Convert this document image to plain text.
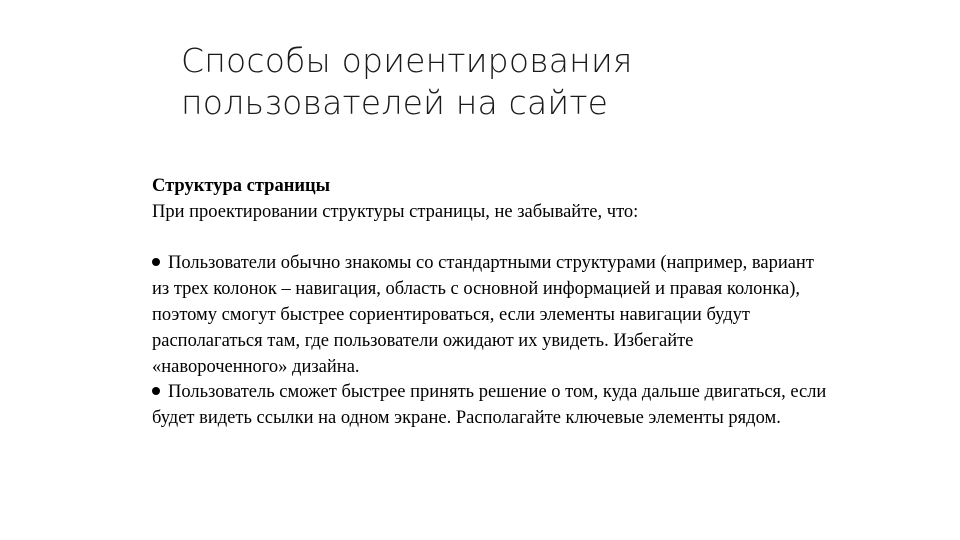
Способы ориентирования
пользователей на сайте

Структура страницы

При проектировании структуры страницы, не забывайте, что:

Пользователи обычно знакомы со стандартными структурами (например, вариант из трех колонок – навигация, область с основной информацией и правая колонка), поэтому смогут быстрее сориентироваться, если элементы навигации будут располагаться там, где пользователи ожидают их увидеть. Избегайте «навороченного» дизайна.

Пользователь сможет быстрее принять решение о том, куда дальше двигаться, если будет видеть ссылки на одном экране. Располагайте ключевые элементы рядом.
